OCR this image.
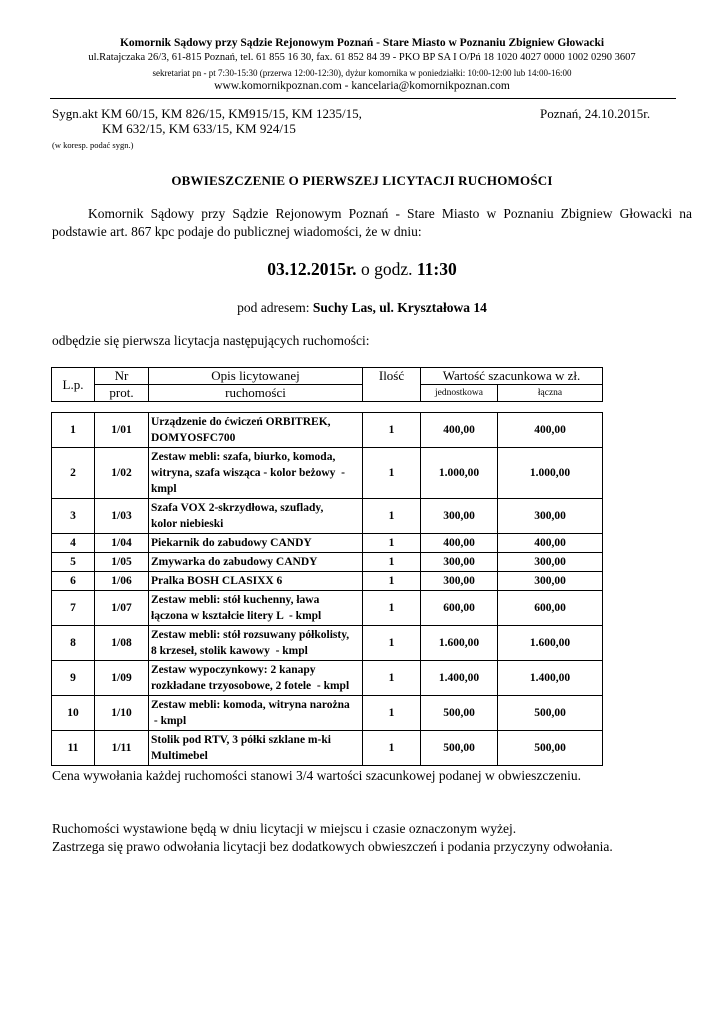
Komornik Sądowy przy Sądzie Rejonowym Poznań - Stare Miasto w Poznaniu Zbigniew Głowacki
ul.Ratajczaka 26/3, 61-815 Poznań, tel. 61 855 16 30, fax. 61 852 84 39 - PKO BP SA I O/Pń 18 1020 4027 0000 1002 0290 3607
sekretariat pn - pt 7:30-15:30 (przerwa 12:00-12:30), dyżur komornika w poniedziałki: 10:00-12:00 lub 14:00-16:00
www.komornikpoznan.com - kancelaria@komornikpoznan.com
Sygn.akt KM 60/15, KM 826/15, KM915/15, KM 1235/15,
KM 632/15, KM 633/15, KM 924/15
Poznań, 24.10.2015r.
(w koresp. podać sygn.)
OBWIESZCZENIE O PIERWSZEJ LICYTACJI RUCHOMOŚCI
Komornik Sądowy przy Sądzie Rejonowym Poznań - Stare Miasto w Poznaniu Zbigniew Głowacki na podstawie art. 867 kpc podaje do publicznej wiadomości, że w dniu:
03.12.2015r. o godz. 11:30
pod adresem: Suchy Las, ul. Kryształowa 14
odbędzie się pierwsza licytacja następujących ruchomości:
L.p.	Nr	Opis licytowanej	Ilość	Wartość szacunkowa w zł.	
	prot.	ruchomości		jednostkowa	łączna
1	1/01	Urządzenie do ćwiczeń ORBITREK,
DOMYOSFC700	1	400,00	400,00
2	1/02	Zestaw mebli: szafa, biurko, komoda,
witryna, szafa wisząca - kolor beżowy  -
kmpl	1	1.000,00	1.000,00
3	1/03	Szafa VOX 2-skrzydłowa, szuflady,
kolor niebieski	1	300,00	300,00
4	1/04	Piekarnik do zabudowy CANDY	1	400,00	400,00
5	1/05	Zmywarka do zabudowy CANDY	1	300,00	300,00
6	1/06	Pralka BOSH CLASIXX 6	1	300,00	300,00
7	1/07	Zestaw mebli: stół kuchenny, ława
łączona w kształcie litery L  - kmpl	1	600,00	600,00
8	1/08	Zestaw mebli: stół rozsuwany półkolisty,
8 krzeseł, stolik kawowy  - kmpl	1	1.600,00	1.600,00
9	1/09	Zestaw wypoczynkowy: 2 kanapy
rozkładane trzyosobowe, 2 fotele  - kmpl	1	1.400,00	1.400,00
10	1/10	Zestaw mebli: komoda, witryna narożna
- kmpl	1	500,00	500,00
11	1/11	Stolik pod RTV, 3 półki szklane m-ki
Multimebel	1	500,00	500,00
Cena wywołania każdej ruchomości stanowi 3/4 wartości szacunkowej podanej w obwieszczeniu.
Ruchomości wystawione będą w dniu licytacji w miejscu i czasie oznaczonym wyżej.
Zastrzega się prawo odwołania licytacji bez dodatkowych obwieszczeń i podania przyczyny odwołania.
